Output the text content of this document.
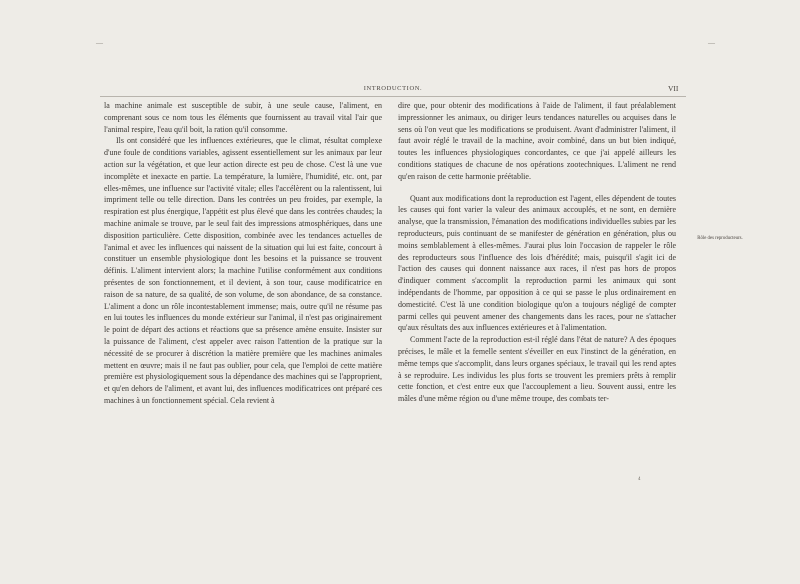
—	—
INTRODUCTION.	VII

la machine animale est susceptible de subir, à une seule cause, l'aliment, en comprenant sous ce nom tous les éléments que fournissent au travail vital l'air que l'animal respire, l'eau qu'il boit, la ration qu'il consomme.

Ils ont considéré que les influences extérieures, que le climat, résultat complexe d'une foule de conditions variables, agissent essentiellement sur les animaux par leur action sur la végétation, et que leur action directe est peu de chose. C'est là une vue incomplète et inexacte en partie. La température, la lumière, l'humidité, etc. ont, par elles-mêmes, une influence sur l'activité vitale; elles l'accélèrent ou la ralentissent, lui impriment telle ou telle direction. Dans les contrées un peu froides, par exemple, la respiration est plus énergique, l'appétit est plus élevé que dans les contrées chaudes; la machine animale se trouve, par le seul fait des impressions atmosphériques, dans une disposition particulière. Cette disposition, combinée avec les tendances actuelles de l'animal et avec les influences qui naissent de la situation qui lui est faite, concourt à constituer un ensemble physiologique dont les besoins et la puissance se trouvent définis. L'aliment intervient alors; la machine l'utilise conformément aux conditions présentes de son fonctionnement, et il devient, à son tour, cause modificatrice en raison de sa nature, de sa qualité, de son volume, de son abondance, de sa constance. L'aliment a donc un rôle incontestablement immense; mais, outre qu'il ne résume pas en lui toutes les influences du monde extérieur sur l'animal, il n'est pas originairement le point de départ des actions et réactions que sa présence amène ensuite. Insister sur la puissance de l'aliment, c'est appeler avec raison l'attention de la pratique sur la nécessité de se procurer à discrétion la matière première que les machines animales mettent en œuvre; mais il ne faut pas oublier, pour cela, que l'emploi de cette matière première est physiologiquement sous la dépendance des machines qui se l'approprient, et qu'en dehors de l'aliment, et avant lui, des influences modificatrices ont préparé ces machines à un fonctionnement spécial. Cela revient à

dire que, pour obtenir des modifications à l'aide de l'aliment, il faut préalablement impressionner les animaux, ou diriger leurs tendances naturelles ou acquises dans le sens où l'on veut que les modifications se produisent. Avant d'administrer l'aliment, il faut avoir réglé le travail de la machine, avoir combiné, dans un but bien indiqué, toutes les influences physiologiques concordantes, ce que j'ai appelé ailleurs les conditions statiques de chacune de nos opérations zootechniques. L'aliment ne rend qu'en raison de cette harmonie préétablie.

Quant aux modifications dont la reproduction est l'agent, elles dépendent de toutes les causes qui font varier la valeur des animaux accouplés, et ne sont, en dernière analyse, que la transmission, l'émanation des modifications individuelles subies par les reproducteurs, puis continuant de se manifester de génération en génération, plus ou moins semblablement à elles-mêmes. J'aurai plus loin l'occasion de rappeler le rôle des reproducteurs sous l'influence des lois d'hérédité; mais, puisqu'il s'agit ici de l'action des causes qui donnent naissance aux races, il n'est pas hors de propos d'indiquer comment s'accomplit la reproduction parmi les animaux qui sont indépendants de l'homme, par opposition à ce qui se passe le plus ordinairement en domesticité. C'est là une condition biologique qu'on a toujours négligé de compter parmi celles qui peuvent amener des changements dans les races, pour ne s'attacher qu'aux résultats des aux influences extérieures et à l'alimentation.

Comment l'acte de la reproduction est-il réglé dans l'état de nature? A des époques précises, le mâle et la femelle sentent s'éveiller en eux l'instinct de la génération, en même temps que s'accomplit, dans leurs organes spéciaux, le travail qui les rend aptes à se reproduire. Les individus les plus forts se trouvent les premiers prêts à remplir cette fonction, et c'est entre eux que l'accouplement a lieu. Souvent aussi, entre les mâles d'une même région ou d'une même troupe, des combats ter-

Rôle des reproducteurs.
4
